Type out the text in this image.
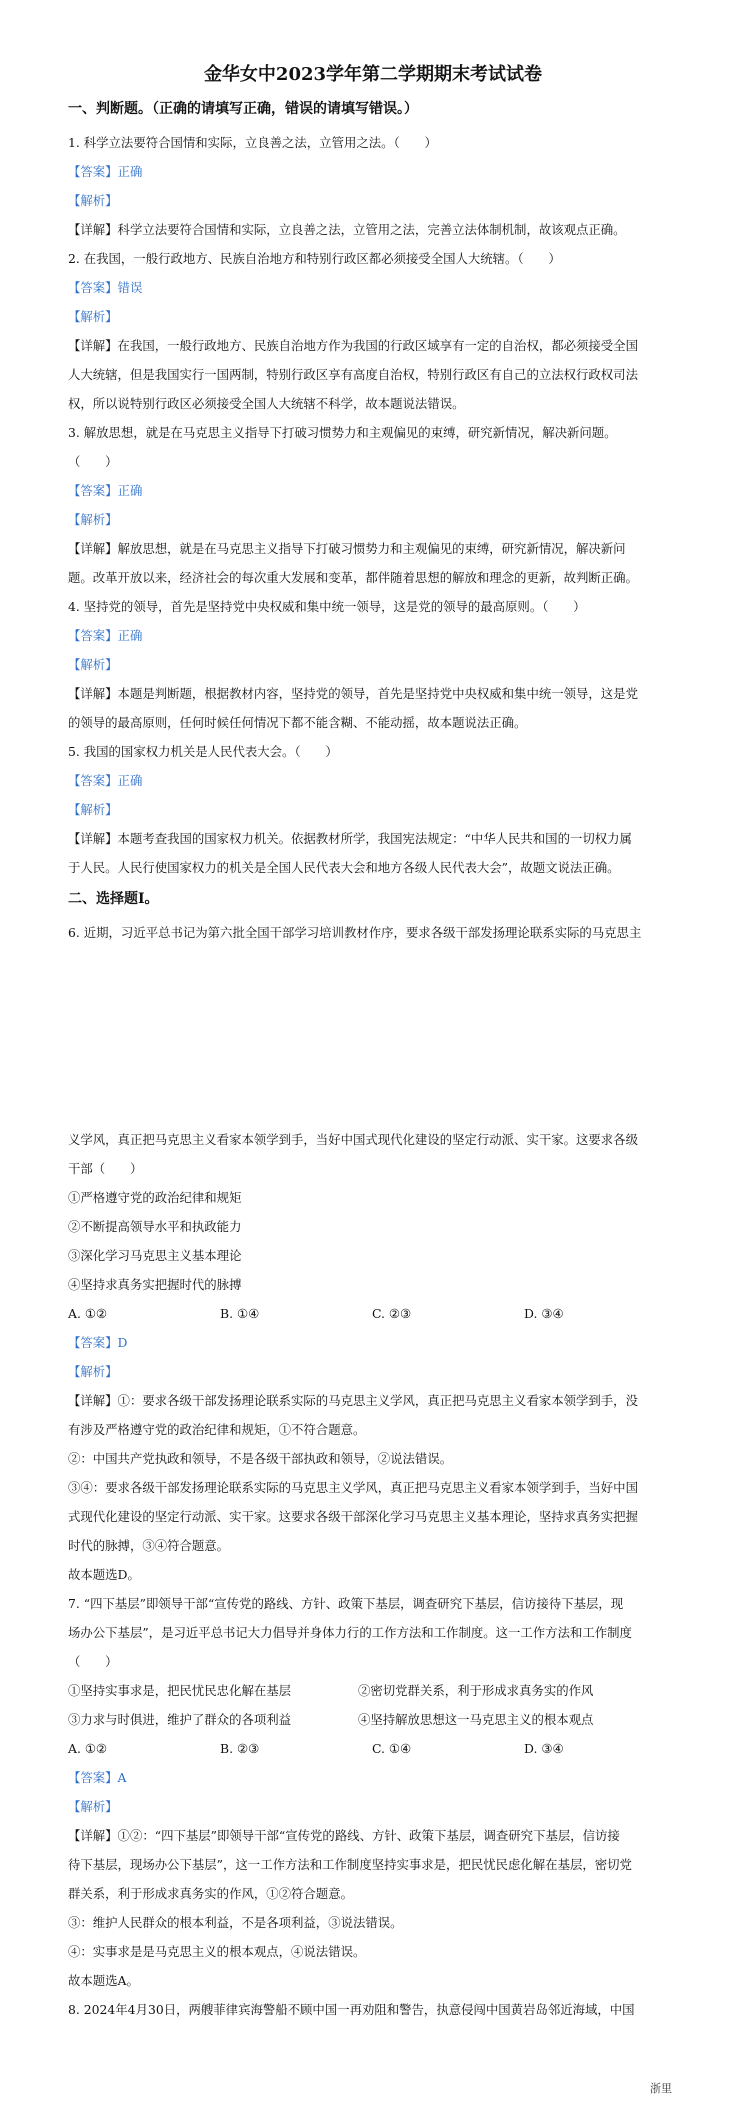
金华女中2023学年第二学期期末考试试卷
一、判断题。（正确的请填写正确，错误的请填写错误。）

1. 科学立法要符合国情和实际，立良善之法，立管用之法。（　　）

【答案】正确

【解析】

【详解】科学立法要符合国情和实际，立良善之法，立管用之法，完善立法体制机制，故该观点正确。

2. 在我国，一般行政地方、民族自治地方和特别行政区都必须接受全国人大统辖。（　　）

【答案】错误

【解析】

【详解】在我国，一般行政地方、民族自治地方作为我国的行政区域享有一定的自治权，都必须接受全国

人大统辖，但是我国实行一国两制，特别行政区享有高度自治权，特别行政区有自己的立法权行政权司法

权，所以说特别行政区必须接受全国人大统辖不科学，故本题说法错误。

3. 解放思想，就是在马克思主义指导下打破习惯势力和主观偏见的束缚，研究新情况，解决新问题。

（　　）

【答案】正确

【解析】

【详解】解放思想，就是在马克思主义指导下打破习惯势力和主观偏见的束缚，研究新情况，解决新问

题。改革开放以来，经济社会的每次重大发展和变革，都伴随着思想的解放和理念的更新，故判断正确。

4. 坚持党的领导，首先是坚持党中央权威和集中统一领导，这是党的领导的最高原则。（　　）

【答案】正确

【解析】

【详解】本题是判断题，根据教材内容，坚持党的领导，首先是坚持党中央权威和集中统一领导，这是党

的领导的最高原则，任何时候任何情况下都不能含糊、不能动摇，故本题说法正确。

5. 我国的国家权力机关是人民代表大会。（　　）

【答案】正确

【解析】

【详解】本题考查我国的国家权力机关。依据教材所学，我国宪法规定：“中华人民共和国的一切权力属

于人民。人民行使国家权力的机关是全国人民代表大会和地方各级人民代表大会”，故题文说法正确。

二、选择题Ⅰ。

6. 近期，习近平总书记为第六批全国干部学习培训教材作序，要求各级干部发扬理论联系实际的马克思主

义学风，真正把马克思主义看家本领学到手，当好中国式现代化建设的坚定行动派、实干家。这要求各级

干部（　　）

①严格遵守党的政治纪律和规矩

②不断提高领导水平和执政能力

③深化学习马克思主义基本理论

④坚持求真务实把握时代的脉搏

A. ①②	B. ①④	C. ②③	D. ③④

【答案】D

【解析】

【详解】①：要求各级干部发扬理论联系实际的马克思主义学风，真正把马克思主义看家本领学到手，没

有涉及严格遵守党的政治纪律和规矩，①不符合题意。

②：中国共产党执政和领导，不是各级干部执政和领导，②说法错误。

③④：要求各级干部发扬理论联系实际的马克思主义学风，真正把马克思主义看家本领学到手，当好中国

式现代化建设的坚定行动派、实干家。这要求各级干部深化学习马克思主义基本理论，坚持求真务实把握

时代的脉搏，③④符合题意。

故本题选D。

7. “四下基层”即领导干部“宣传党的路线、方针、政策下基层，调查研究下基层，信访接待下基层，现

场办公下基层”，是习近平总书记大力倡导并身体力行的工作方法和工作制度。这一工作方法和工作制度

（　　）

①坚持实事求是，把民忧民忠化解在基层	②密切党群关系，利于形成求真务实的作风
③力求与时俱进，维护了群众的各项利益	④坚持解放思想这一马克思主义的根本观点
A. ①②	B. ②③	C. ①④	D. ③④

【答案】A

【解析】

【详解】①②：“四下基层”即领导干部“宣传党的路线、方针、政策下基层，调查研究下基层，信访接

待下基层，现场办公下基层”，这一工作方法和工作制度坚持实事求是，把民忧民虑化解在基层，密切党

群关系，利于形成求真务实的作风，①②符合题意。

③：维护人民群众的根本利益，不是各项利益，③说法错误。

④：实事求是是马克思主义的根本观点，④说法错误。

故本题选A。

8. 2024年4月30日，两艘菲律宾海警船不顾中国一再劝阻和警告，执意侵闯中国黄岩岛邻近海域，中国

浙里
